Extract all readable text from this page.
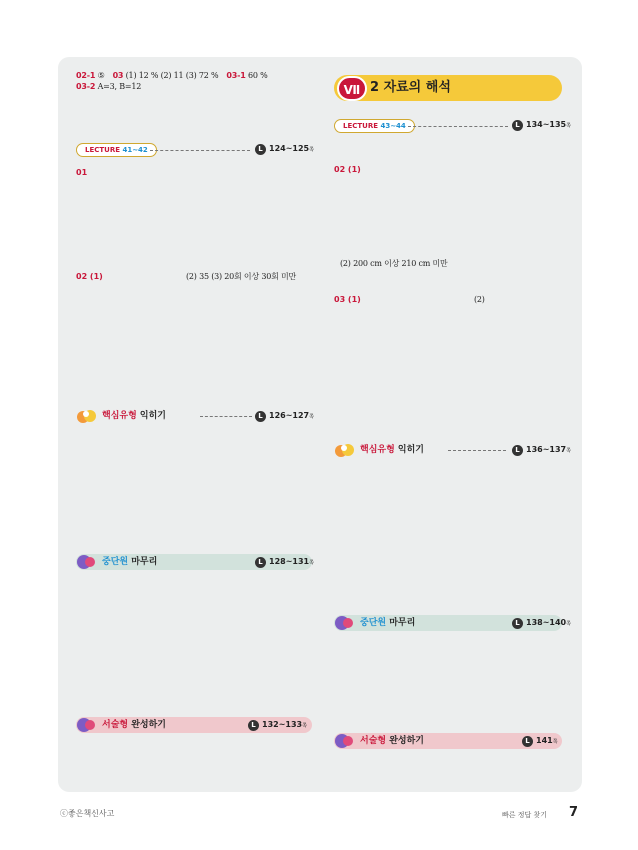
02-1 ⑤ 03 (1) 12 % (2) 11 (3) 72 % 03-1 60 %
03-2 A=3, B=12
LECTURE 41~42	L 124~125쪽
01
02 (1)	(2) 35 (3) 20회 이상 30회 미만
핵심유형 익히기	L 126~127쪽
중단원 마무리	L 128~131쪽
서술형 완성하기	L 132~133쪽
Ⅶ 2 자료의 해석
LECTURE 43~44	L 134~135쪽
02 (1)
(2) 200 cm 이상 210 cm 미만
03 (1)	(2)
핵심유형 익히기	L 136~137쪽
중단원 마무리	L 138~140쪽
서술형 완성하기	L 141쪽
ⓒ좋은책신사고	빠른 정답 찾기 7
